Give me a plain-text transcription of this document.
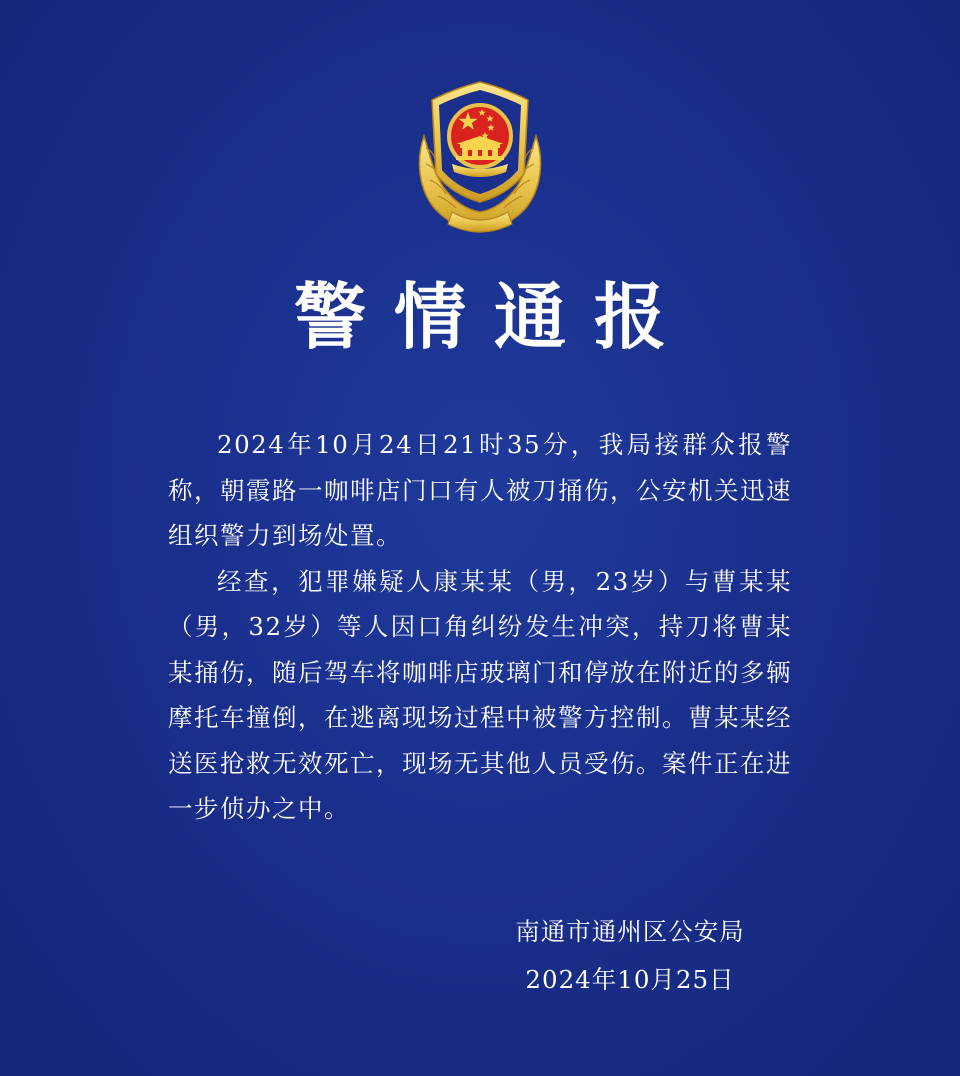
警情通报

2024年10月24日21时35分，我局接群众报警称，朝霞路一咖啡店门口有人被刀捅伤，公安机关迅速组织警力到场处置。

经查，犯罪嫌疑人康某某（男，23岁）与曹某某（男，32岁）等人因口角纠纷发生冲突，持刀将曹某某捅伤，随后驾车将咖啡店玻璃门和停放在附近的多辆摩托车撞倒，在逃离现场过程中被警方控制。曹某某经送医抢救无效死亡，现场无其他人员受伤。案件正在进一步侦办之中。

南通市通州区公安局
2024年10月25日
